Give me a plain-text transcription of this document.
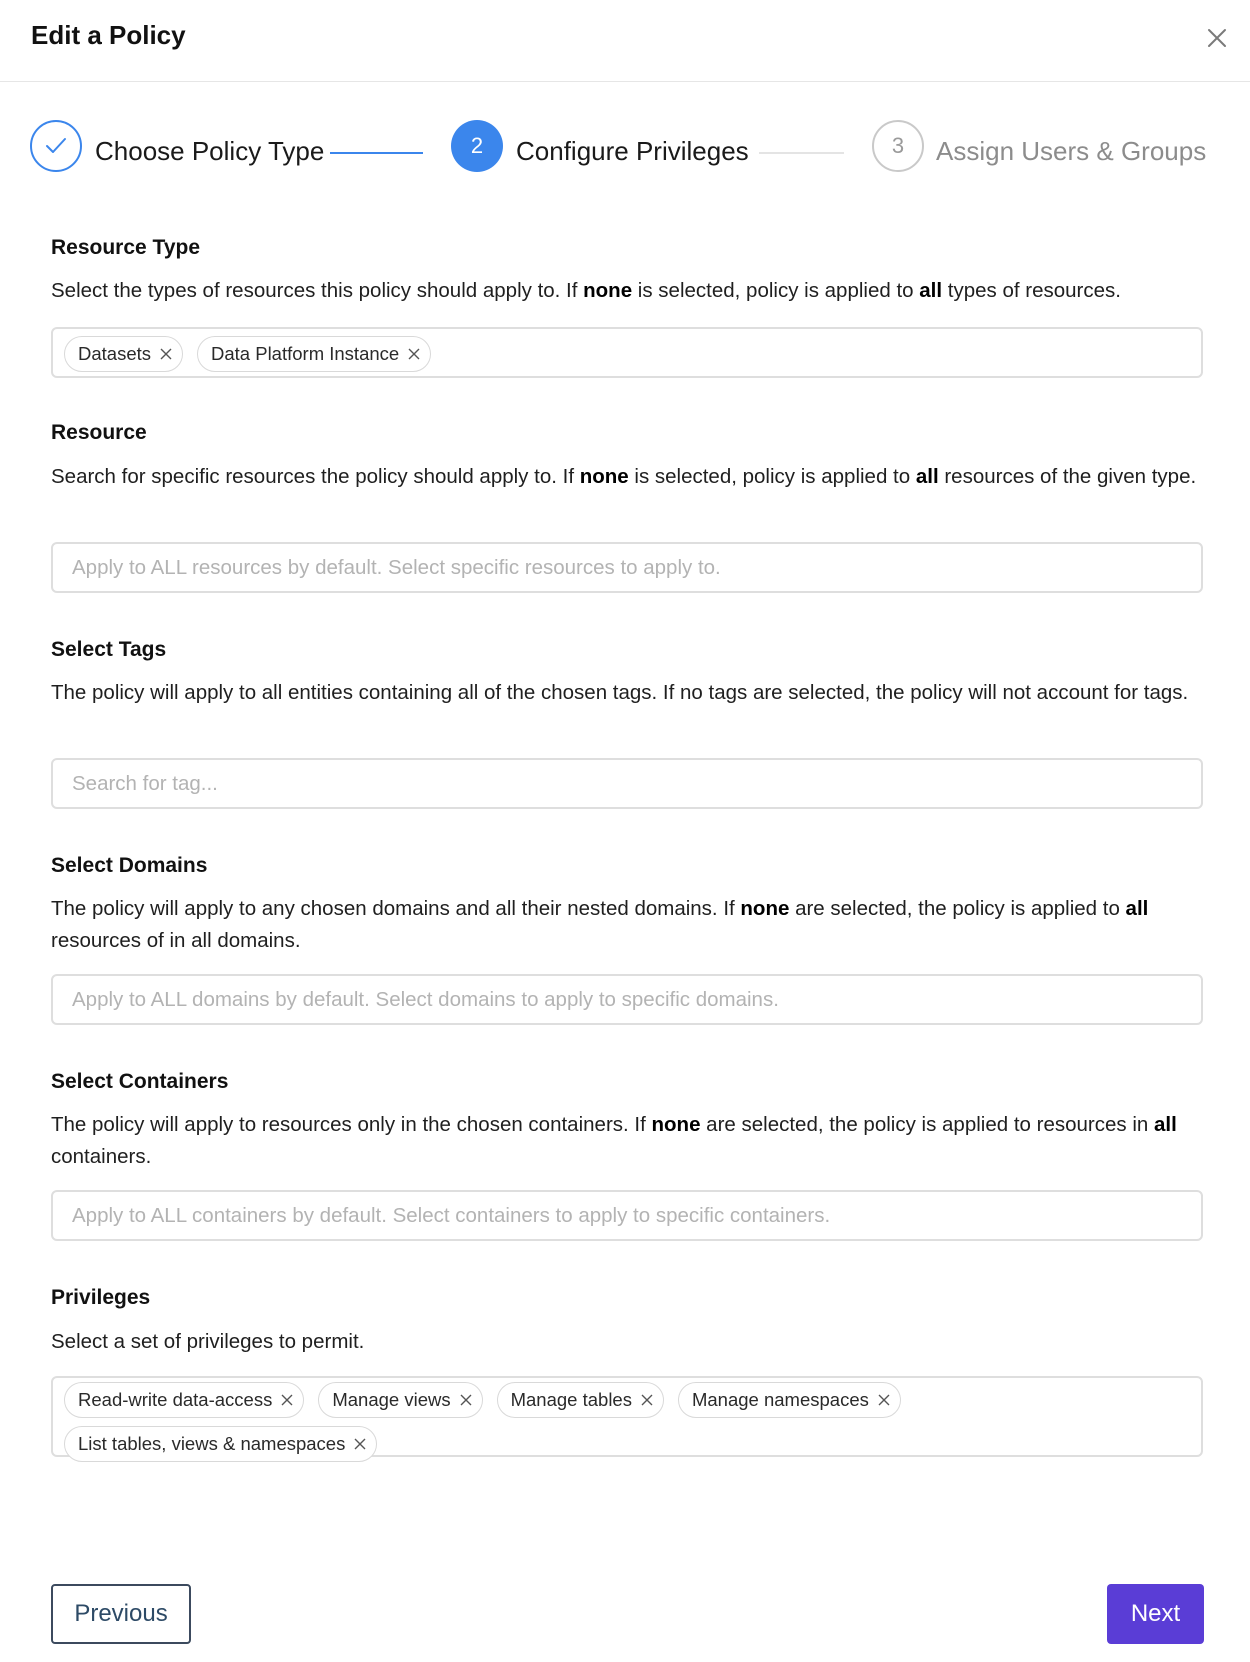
Edit a Policy
Choose Policy Type	2	Configure Privileges	3	Assign Users & Groups
Resource Type
Select the types of resources this policy should apply to. If none is selected, policy is applied to all types of resources.
Datasets	Data Platform Instance
Resource
Search for specific resources the policy should apply to. If none is selected, policy is applied to all resources of the given type.
Apply to ALL resources by default. Select specific resources to apply to.
Select Tags
The policy will apply to all entities containing all of the chosen tags. If no tags are selected, the policy will not account for tags.
Search for tag...
Select Domains
The policy will apply to any chosen domains and all their nested domains. If none are selected, the policy is applied to all resources of in all domains.
Apply to ALL domains by default. Select domains to apply to specific domains.
Select Containers
The policy will apply to resources only in the chosen containers. If none are selected, the policy is applied to resources in all containers.
Apply to ALL containers by default. Select containers to apply to specific containers.
Privileges
Select a set of privileges to permit.
Read-write data-access	Manage views	Manage tables	Manage namespaces
List tables, views & namespaces
Previous	Next
